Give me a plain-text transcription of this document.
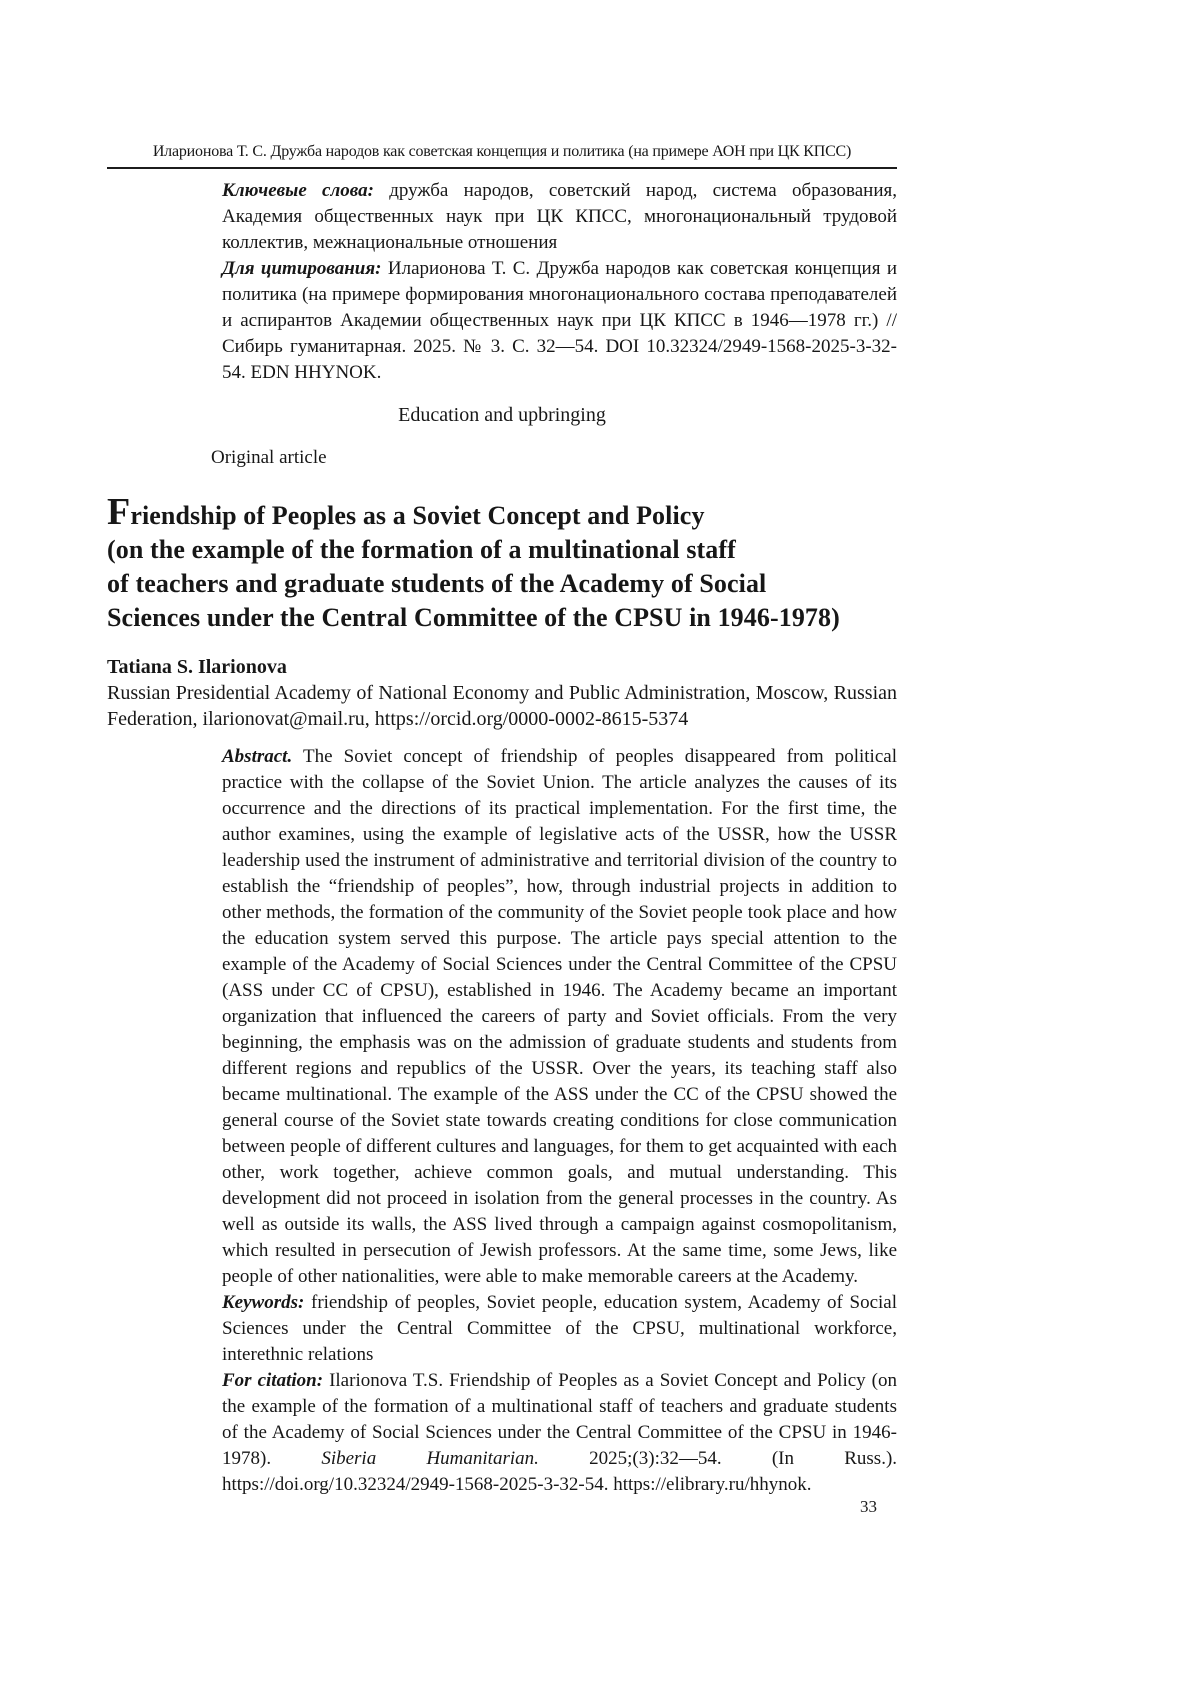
Иларионова Т. С. Дружба народов как советская концепция и политика (на примере АОН при ЦК КПСС)

Ключевые слова: дружба народов, советский народ, система образования, Академия общественных наук при ЦК КПСС, многонациональный трудовой коллектив, межнациональные отношения

Для цитирования: Иларионова Т. С. Дружба народов как советская концепция и политика (на примере формирования многонационального состава преподавателей и аспирантов Академии общественных наук при ЦК КПСС в 1946—1978 гг.) // Сибирь гуманитарная. 2025. № 3. С. 32—54. DOI 10.32324/2949-1568-2025-3-32-54. EDN HHYNOK.

Education and upbringing
Original article
Friendship of Peoples as a Soviet Concept and Policy
(on the example of the formation of a multinational staff
of teachers and graduate students of the Academy of Social
Sciences under the Central Committee of the CPSU in 1946-1978)
Tatiana S. Ilarionova

Russian Presidential Academy of National Economy and Public Administration, Moscow, Russian Federation, ilarionovat@mail.ru, https://orcid.org/0000-0002-8615-5374

Abstract. The Soviet concept of friendship of peoples disappeared from political practice with the collapse of the Soviet Union. The article analyzes the causes of its occurrence and the directions of its practical implementation. For the first time, the author examines, using the example of legislative acts of the USSR, how the USSR leadership used the instrument of administrative and territorial division of the country to establish the “friendship of peoples”, how, through industrial projects in addition to other methods, the formation of the community of the Soviet people took place and how the education system served this purpose. The article pays special attention to the example of the Academy of Social Sciences under the Central Committee of the CPSU (ASS under CC of CPSU), established in 1946. The Academy became an important organization that influenced the careers of party and Soviet officials. From the very beginning, the emphasis was on the admission of graduate students and students from different regions and republics of the USSR. Over the years, its teaching staff also became multinational. The example of the ASS under the CC of the CPSU showed the general course of the Soviet state towards creating conditions for close communication between people of different cultures and languages, for them to get acquainted with each other, work together, achieve common goals, and mutual understanding. This development did not proceed in isolation from the general processes in the country. As well as outside its walls, the ASS lived through a campaign against cosmopolitanism, which resulted in persecution of Jewish professors. At the same time, some Jews, like people of other nationalities, were able to make memorable careers at the Academy.

Keywords: friendship of peoples, Soviet people, education system, Academy of Social Sciences under the Central Committee of the CPSU, multinational workforce, interethnic relations

For citation: Ilarionova T.S. Friendship of Peoples as a Soviet Concept and Policy (on the example of the formation of a multinational staff of teachers and graduate students of the Academy of Social Sciences under the Central Committee of the CPSU in 1946-1978).	Siberia Humanitarian.	2025;(3):32—54. (In Russ.). https://doi.org/10.32324/2949-1568-2025-3-32-54. https://elibrary.ru/hhynok.

33
